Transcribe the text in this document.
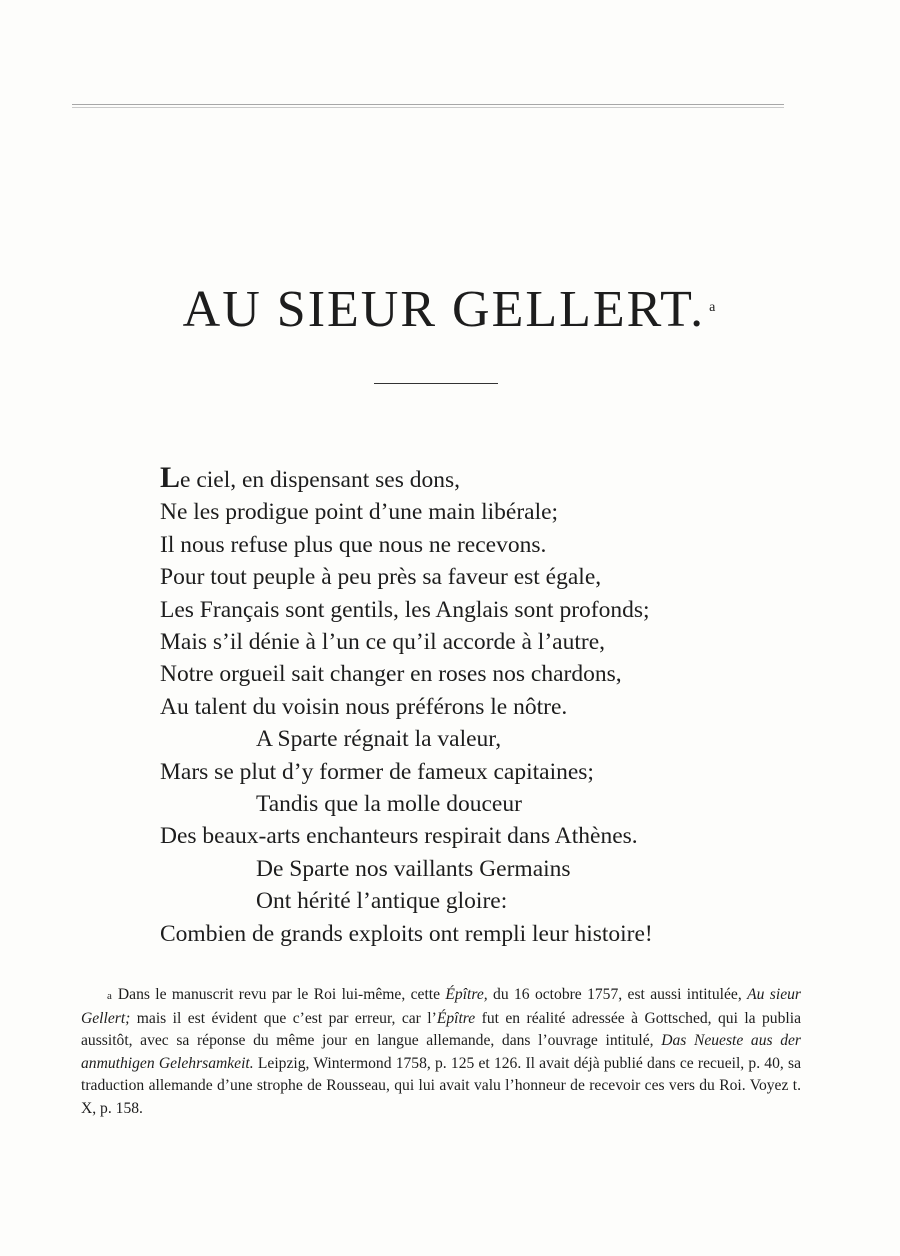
AU SIEUR GELLERT. $^a$
Le ciel, en dispensant ses dons,
Ne les prodigue point d’une main libérale;
Il nous refuse plus que nous ne recevons.
Pour tout peuple à peu près sa faveur est égale,
Les Français sont gentils, les Anglais sont profonds;
Mais s’il dénie à l’un ce qu’il accorde à l’autre,
Notre orgueil sait changer en roses nos chardons,
Au talent du voisin nous préférons le nôtre.
A Sparte régnait la valeur,
Mars se plut d’y former de fameux capitaines;
Tandis que la molle douceur
Des beaux-arts enchanteurs respirait dans Athènes.
De Sparte nos vaillants Germains
Ont hérité l’antique gloire:
Combien de grands exploits ont rempli leur histoire!

a Dans le manuscrit revu par le Roi lui-même, cette Épître, du 16 octobre 1757, est aussi intitulée, Au sieur Gellert; mais il est évident que c’est par erreur, car l’Épître fut en réalité adressée à Gottsched, qui la publia aussitôt, avec sa réponse du même jour en langue allemande, dans l’ouvrage intitulé, Das Neueste aus der anmuthigen Gelehrsamkeit. Leipzig, Wintermond 1758, p. 125 et 126. Il avait déjà publié dans ce recueil, p. 40, sa traduction allemande d’une strophe de Rousseau, qui lui avait valu l’honneur de recevoir ces vers du Roi. Voyez t. X, p. 158.
